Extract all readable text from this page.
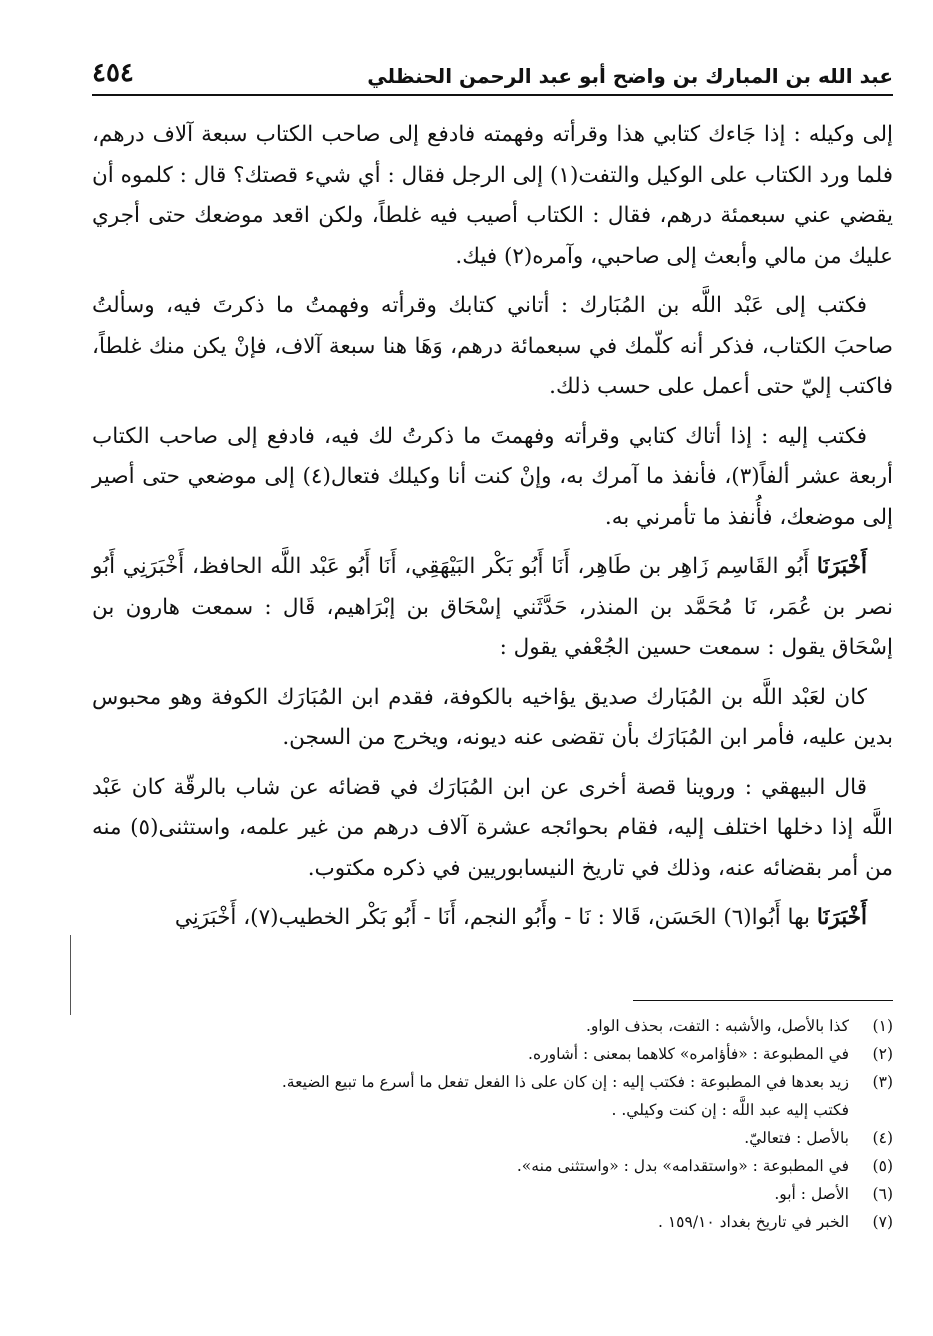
عبد الله بن المبارك بن واضح أبو عبد الرحمن الحنظلي
٤٥٤

إلى وكيله : إذا جَاءك كتابي هذا وقرأته وفهمته فادفع إلى صاحب الكتاب سبعة آلاف درهم، فلما ورد الكتاب على الوكيل والتفت(١) إلى الرجل فقال : أي شيء قصتك؟ قال : كلموه أن يقضي عني سبعمئة درهم، فقال : الكتاب أصيب فيه غلطاً، ولكن اقعد موضعك حتى أجري عليك من مالي وأبعث إلى صاحبي، وآمره(٢) فيك.

فكتب إلى عَبْد اللَّه بن المُبَارك : أتاني كتابك وقرأته وفهمتُ ما ذكرتَ فيه، وسألتُ صاحبَ الكتاب، فذكر أنه كلّمك في سبعمائة درهم، وَهَا هنا سبعة آلاف، فإنْ يكن منك غلطاً، فاكتب إليّ حتى أعمل على حسب ذلك.

فكتب إليه : إذا أتاك كتابي وقرأته وفهمتَ ما ذكرتُ لك فيه، فادفع إلى صاحب الكتاب أربعة عشر ألفاً(٣)، فأنفذ ما آمرك به، وإنْ كنت أنا وكيلك فتعال(٤) إلى موضعي حتى أصير إلى موضعك، فأُنفذ ما تأمرني به.

أَخْبَرَنَا أَبُو القَاسِم زَاهِر بن طَاهِر، أَنَا أَبُو بَكْر البَيْهَقِي، أَنَا أَبُو عَبْد اللَّه الحافظ، أَخْبَرَنِي أَبُو نصر بن عُمَر، نَا مُحَمَّد بن المنذر، حَدَّثَني إسْحَاق بن إبْرَاهيم، قَال : سمعت هارون بن إسْحَاق يقول : سمعت حسين الجُعْفي يقول :

كان لعَبْد اللَّه بن المُبَارك صديق يؤاخيه بالكوفة، فقدم ابن المُبَارَك الكوفة وهو محبوس بدين عليه، فأمر ابن المُبَارَك بأن تقضى عنه ديونه، ويخرج من السجن.

قال البيهقي : وروينا قصة أخرى عن ابن المُبَارَك في قضائه عن شاب بالرقّة كان عَبْد اللَّه إذا دخلها اختلف إليه، فقام بحوائجه عشرة آلاف درهم من غير علمه، واستثنى(٥) منه من أمر بقضائه عنه، وذلك في تاريخ النيسابوريين في ذكره مكتوب.

أَخْبَرَنَا بها أَبُوا(٦) الحَسَن، قَالا : نَا - وأَبُو النجم، أَنَا - أَبُو بَكْر الخطيب(٧)، أَخْبَرَنِي

(١)
كذا بالأصل، والأشبه : التفت، بحذف الواو.
(٢)
في المطبوعة : «فأؤامره» كلاهما بمعنى : أشاوره.
(٣)
زيد بعدها في المطبوعة : فكتب إليه : إن كان على ذا الفعل تفعل ما أسرع ما تبيع الضيعة.
فكتب إليه عبد اللَّه : إن كنت وكيلي. .
(٤)
بالأصل : فتعاليّ.
(٥)
في المطبوعة : «واستقدامه» بدل : «واستثنى منه».
(٦)
الأصل : أبو.
(٧)
الخبر في تاريخ بغداد ١٥٩/١٠ .
